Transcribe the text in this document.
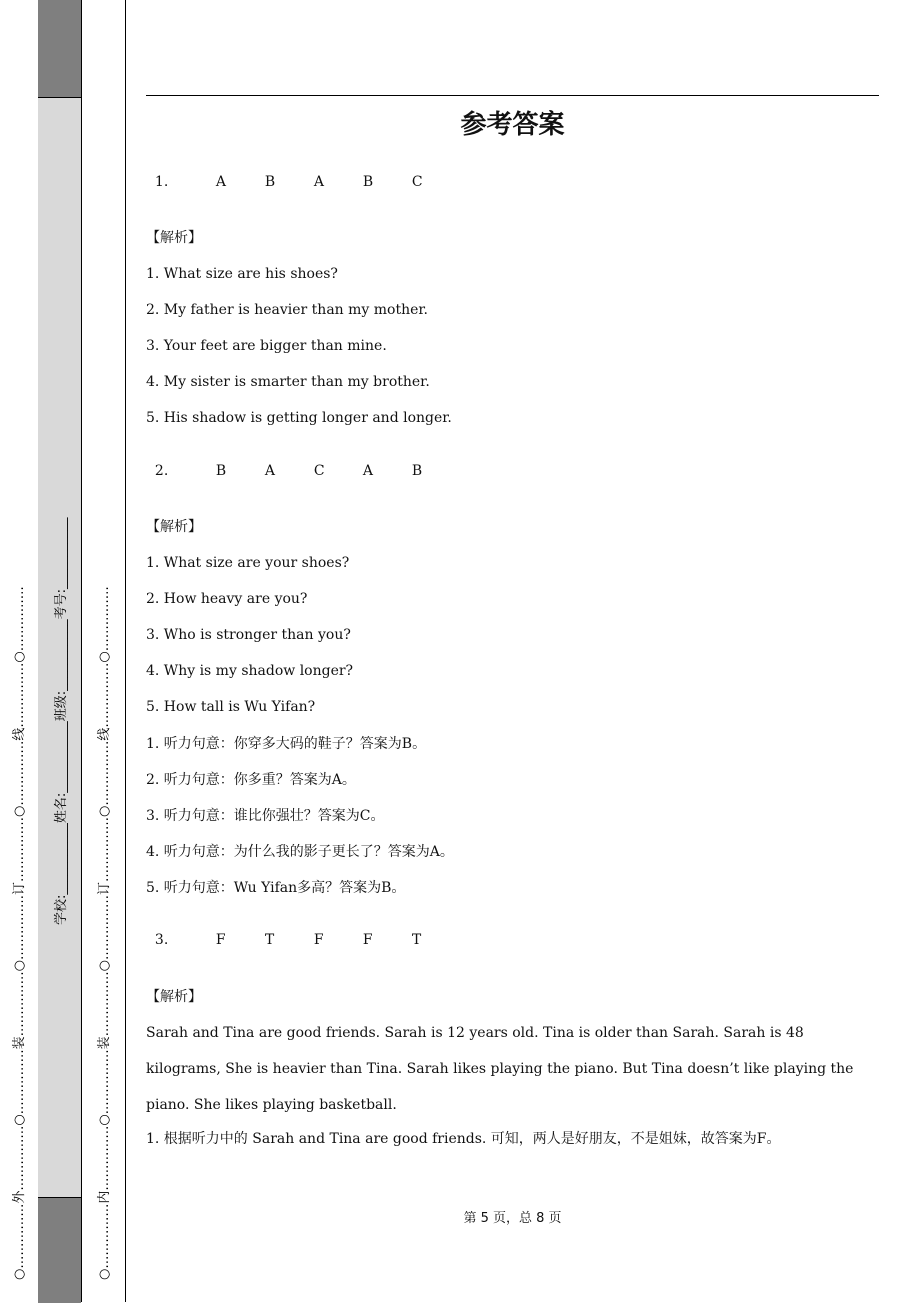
○……………外……………○……………装……………○……………订……………○……………线……………○……………	○……………内……………○……………装……………○……………订……………○……………线……………○……………
学校:___________姓名:___________班级:___________考号:___________
参考答案

1.	A	B	A	B	C

【解析】
1. What size are his shoes?
2. My father is heavier than my mother.
3. Your feet are bigger than mine.
4. My sister is smarter than my brother.
5. His shadow is getting longer and longer.

2.	B	A	C	A	B

【解析】
1. What size are your shoes?
2. How heavy are you?
3. Who is stronger than you?
4. Why is my shadow longer?
5. How tall is Wu Yifan?
1. 听力句意：你穿多大码的鞋子？答案为B。
2. 听力句意：你多重？答案为A。
3. 听力句意：谁比你强壮？答案为C。
4. 听力句意：为什么我的影子更长了？答案为A。
5. 听力句意：Wu Yifan多高？答案为B。

3.	F	T	F	F	T

【解析】
Sarah and Tina are good friends. Sarah is 12 years old. Tina is older than Sarah. Sarah is 48 kilograms, She is heavier than Tina. Sarah likes playing the piano. But Tina doesn’t like playing the piano. She likes playing basketball.
1. 根据听力中的 Sarah and Tina are good friends. 可知，两人是好朋友，不是姐妹，故答案为F。
第 5 页，总 8 页
